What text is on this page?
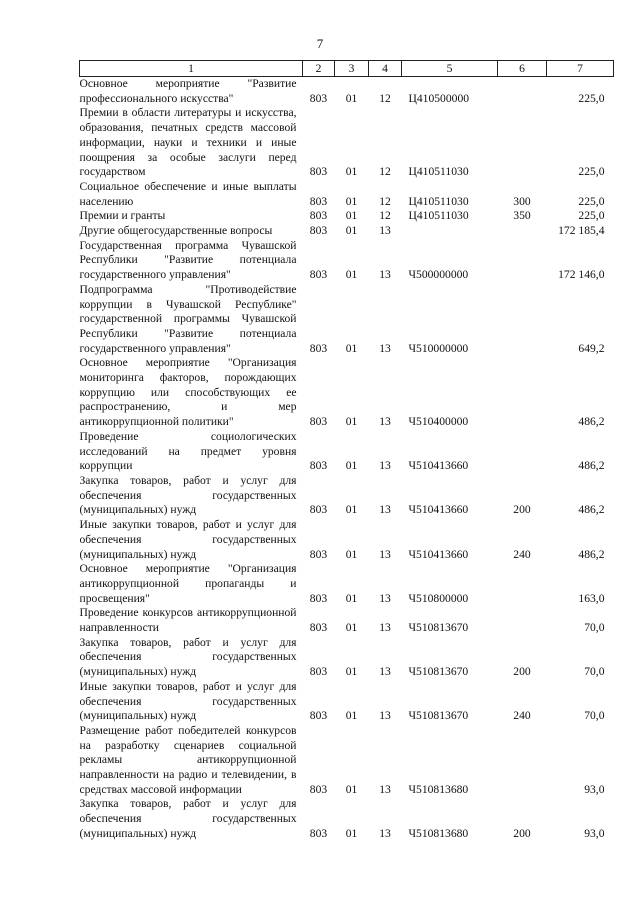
7
1	2	3	4	5	6	7
Основное мероприятие "Развитие профессионального искусства"	803	01	12	Ц410500000		225,0
Премии в области литературы и искусства, образования, печатных средств массовой информации, науки и техники и иные поощрения за особые заслуги перед государством	803	01	12	Ц410511030		225,0
Социальное обеспечение и иные выплаты населению	803	01	12	Ц410511030	300	225,0
Премии и гранты	803	01	12	Ц410511030	350	225,0
Другие общегосударственные вопросы	803	01	13			172 185,4
Государственная программа Чувашской Республики "Развитие потенциала государственного управления"	803	01	13	Ч500000000		172 146,0
Подпрограмма "Противодействие коррупции в Чувашской Республике" государственной программы Чувашской Республики "Развитие потенциала государственного управления"	803	01	13	Ч510000000		649,2
Основное мероприятие "Организация мониторинга факторов, порождающих коррупцию или способствующих ее распространению, и мер антикоррупционной политики"	803	01	13	Ч510400000		486,2
Проведение социологических исследований на предмет уровня коррупции	803	01	13	Ч510413660		486,2
Закупка товаров, работ и услуг для обеспечения государственных (муниципальных) нужд	803	01	13	Ч510413660	200	486,2
Иные закупки товаров, работ и услуг для обеспечения государственных (муниципальных) нужд	803	01	13	Ч510413660	240	486,2
Основное мероприятие "Организация антикоррупционной пропаганды и просвещения"	803	01	13	Ч510800000		163,0
Проведение конкурсов антикоррупционной направленности	803	01	13	Ч510813670		70,0
Закупка товаров, работ и услуг для обеспечения государственных (муниципальных) нужд	803	01	13	Ч510813670	200	70,0
Иные закупки товаров, работ и услуг для обеспечения государственных (муниципальных) нужд	803	01	13	Ч510813670	240	70,0
Размещение работ победителей конкурсов на разработку сценариев социальной рекламы антикоррупционной направленности на радио и телевидении, в средствах массовой информации	803	01	13	Ч510813680		93,0
Закупка товаров, работ и услуг для обеспечения государственных (муниципальных) нужд	803	01	13	Ч510813680	200	93,0
